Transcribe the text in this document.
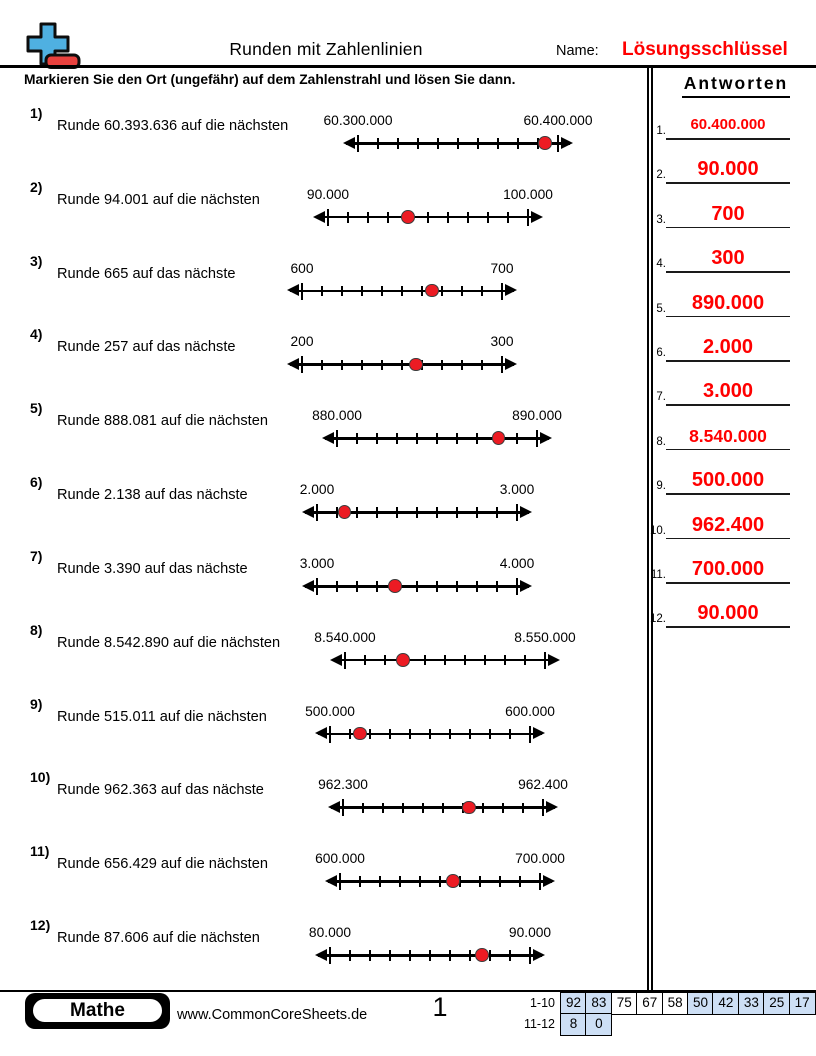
Runden mit Zahlenlinien	Name: Lösungsschlüssel
Markieren Sie den Ort (ungefähr) auf dem Zahlenstrahl und lösen Sie dann.
1)
Runde 60.393.636 auf die nächsten	60.300.000	60.400.000
2)
Runde 94.001 auf die nächsten	90.000	100.000
3)
Runde 665 auf das nächste	600	700
4)
Runde 257 auf das nächste	200	300
5)
Runde 888.081 auf die nächsten	880.000	890.000
6)
Runde 2.138 auf das nächste	2.000	3.000
7)
Runde 3.390 auf das nächste	3.000	4.000
8)
Runde 8.542.890 auf die nächsten	8.540.000	8.550.000
9)
Runde 515.011 auf die nächsten	500.000	600.000
10)
Runde 962.363 auf das nächste	962.300	962.400
11)
Runde 656.429 auf die nächsten	600.000	700.000
12)
Runde 87.606 auf die nächsten	80.000	90.000
Antworten
1.	60.400.000
2.	90.000
3.	700
4.	300
5.	890.000
6.	2.000
7.	3.000
8.	8.540.000
9.	500.000
10.	962.400
11.	700.000
12.	90.000
Mathe	www.CommonCoreSheets.de	1	1-10 92 83 75 67 58 50 42 33 25 17
11-12	8	0
